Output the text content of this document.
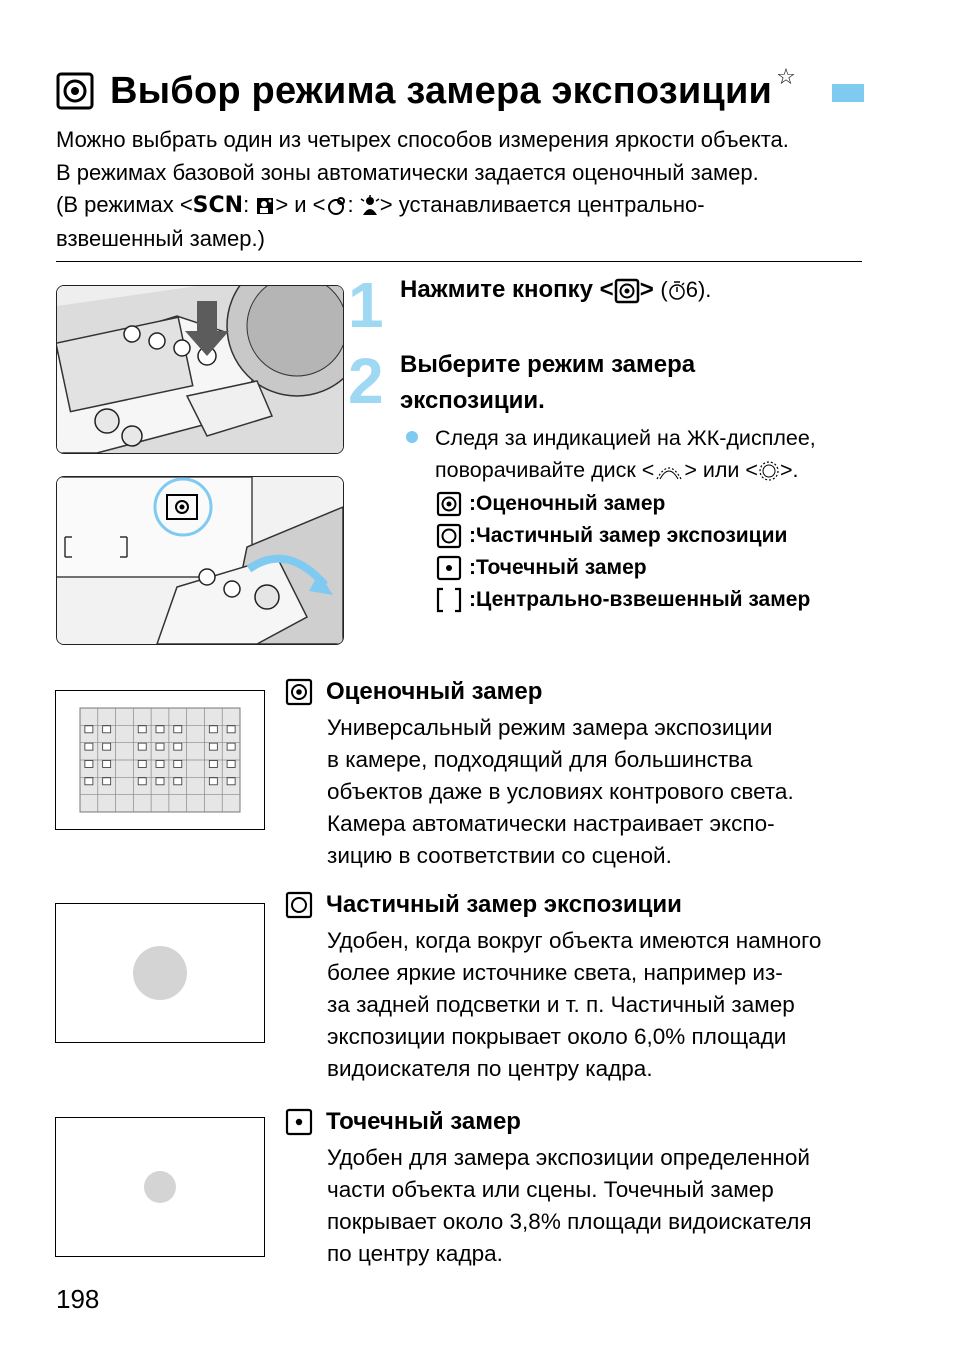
Выбор режима замера экспозиции ☆

Можно выбрать один из четырех способов измерения яркости объекта.

В режимах базовой зоны автоматически задается оценочный замер.

(В режимах <SCN: > и < : > устанавливается центрально-

взвешенный замер.)

1 Нажмите кнопку < > ( 6).
2 Выберите режим замера

экспозиции.

Следя за индикацией на ЖК-дисплее,

поворачивайте диск < > или < >.

:Оценочный замер
:Частичный замер экспозиции
:Точечный замер
:Центрально-взвешенный замер
Оценочный замер

Универсальный режим замера экспозиции

в камере, подходящий для большинства

объектов даже в условиях контрового света.

Камера автоматически настраивает экспо-

зицию в соответствии со сценой.

Частичный замер экспозиции

Удобен, когда вокруг объекта имеются намного

более яркие источнике света, например из-

за задней подсветки и т. п. Частичный замер

экспозиции покрывает около 6,0% площади

видоискателя по центру кадра.

Точечный замер

Удобен для замера экспозиции определенной

части объекта или сцены. Точечный замер

покрывает около 3,8% площади видоискателя

по центру кадра.

198
